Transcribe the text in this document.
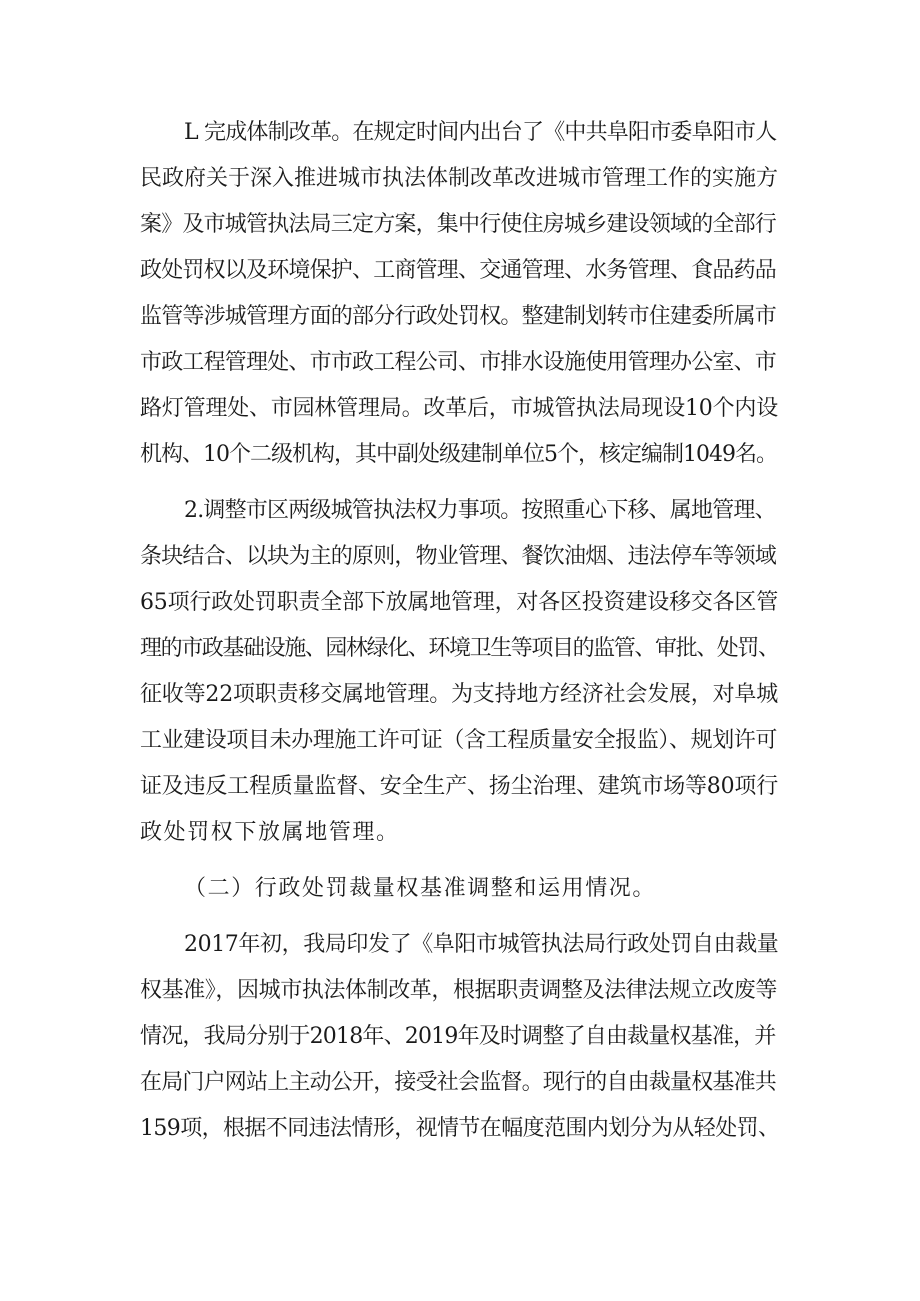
L 完成体制改革。在规定时间内出台了《中共阜阳市委阜阳市人
民政府关于深入推进城市执法体制改革改进城市管理工作的实施方
案》及市城管执法局三定方案，集中行使住房城乡建设领域的全部行
政处罚权以及环境保护、工商管理、交通管理、水务管理、食品药品
监管等涉城管理方面的部分行政处罚权。整建制划转市住建委所属市
市政工程管理处、市市政工程公司、市排水设施使用管理办公室、市
路灯管理处、市园林管理局。改革后，市城管执法局现设10个内设
机构、10个二级机构，其中副处级建制单位5个，核定编制1049名。
2.调整市区两级城管执法权力事项。按照重心下移、属地管理、
条块结合、以块为主的原则，物业管理、餐饮油烟、违法停车等领域
65项行政处罚职责全部下放属地管理，对各区投资建设移交各区管
理的市政基础设施、园林绿化、环境卫生等项目的监管、审批、处罚、
征收等22项职责移交属地管理。为支持地方经济社会发展，对阜城
工业建设项目未办理施工许可证（含工程质量安全报监）、规划许可
证及违反工程质量监督、安全生产、扬尘治理、建筑市场等80项行
政处罚权下放属地管理。
（二）行政处罚裁量权基准调整和运用情况。
2017年初，我局印发了《阜阳市城管执法局行政处罚自由裁量
权基准》，因城市执法体制改革，根据职责调整及法律法规立改废等
情况，我局分别于2018年、2019年及时调整了自由裁量权基准，并
在局门户网站上主动公开，接受社会监督。现行的自由裁量权基准共
159项，根据不同违法情形，视情节在幅度范围内划分为从轻处罚、
